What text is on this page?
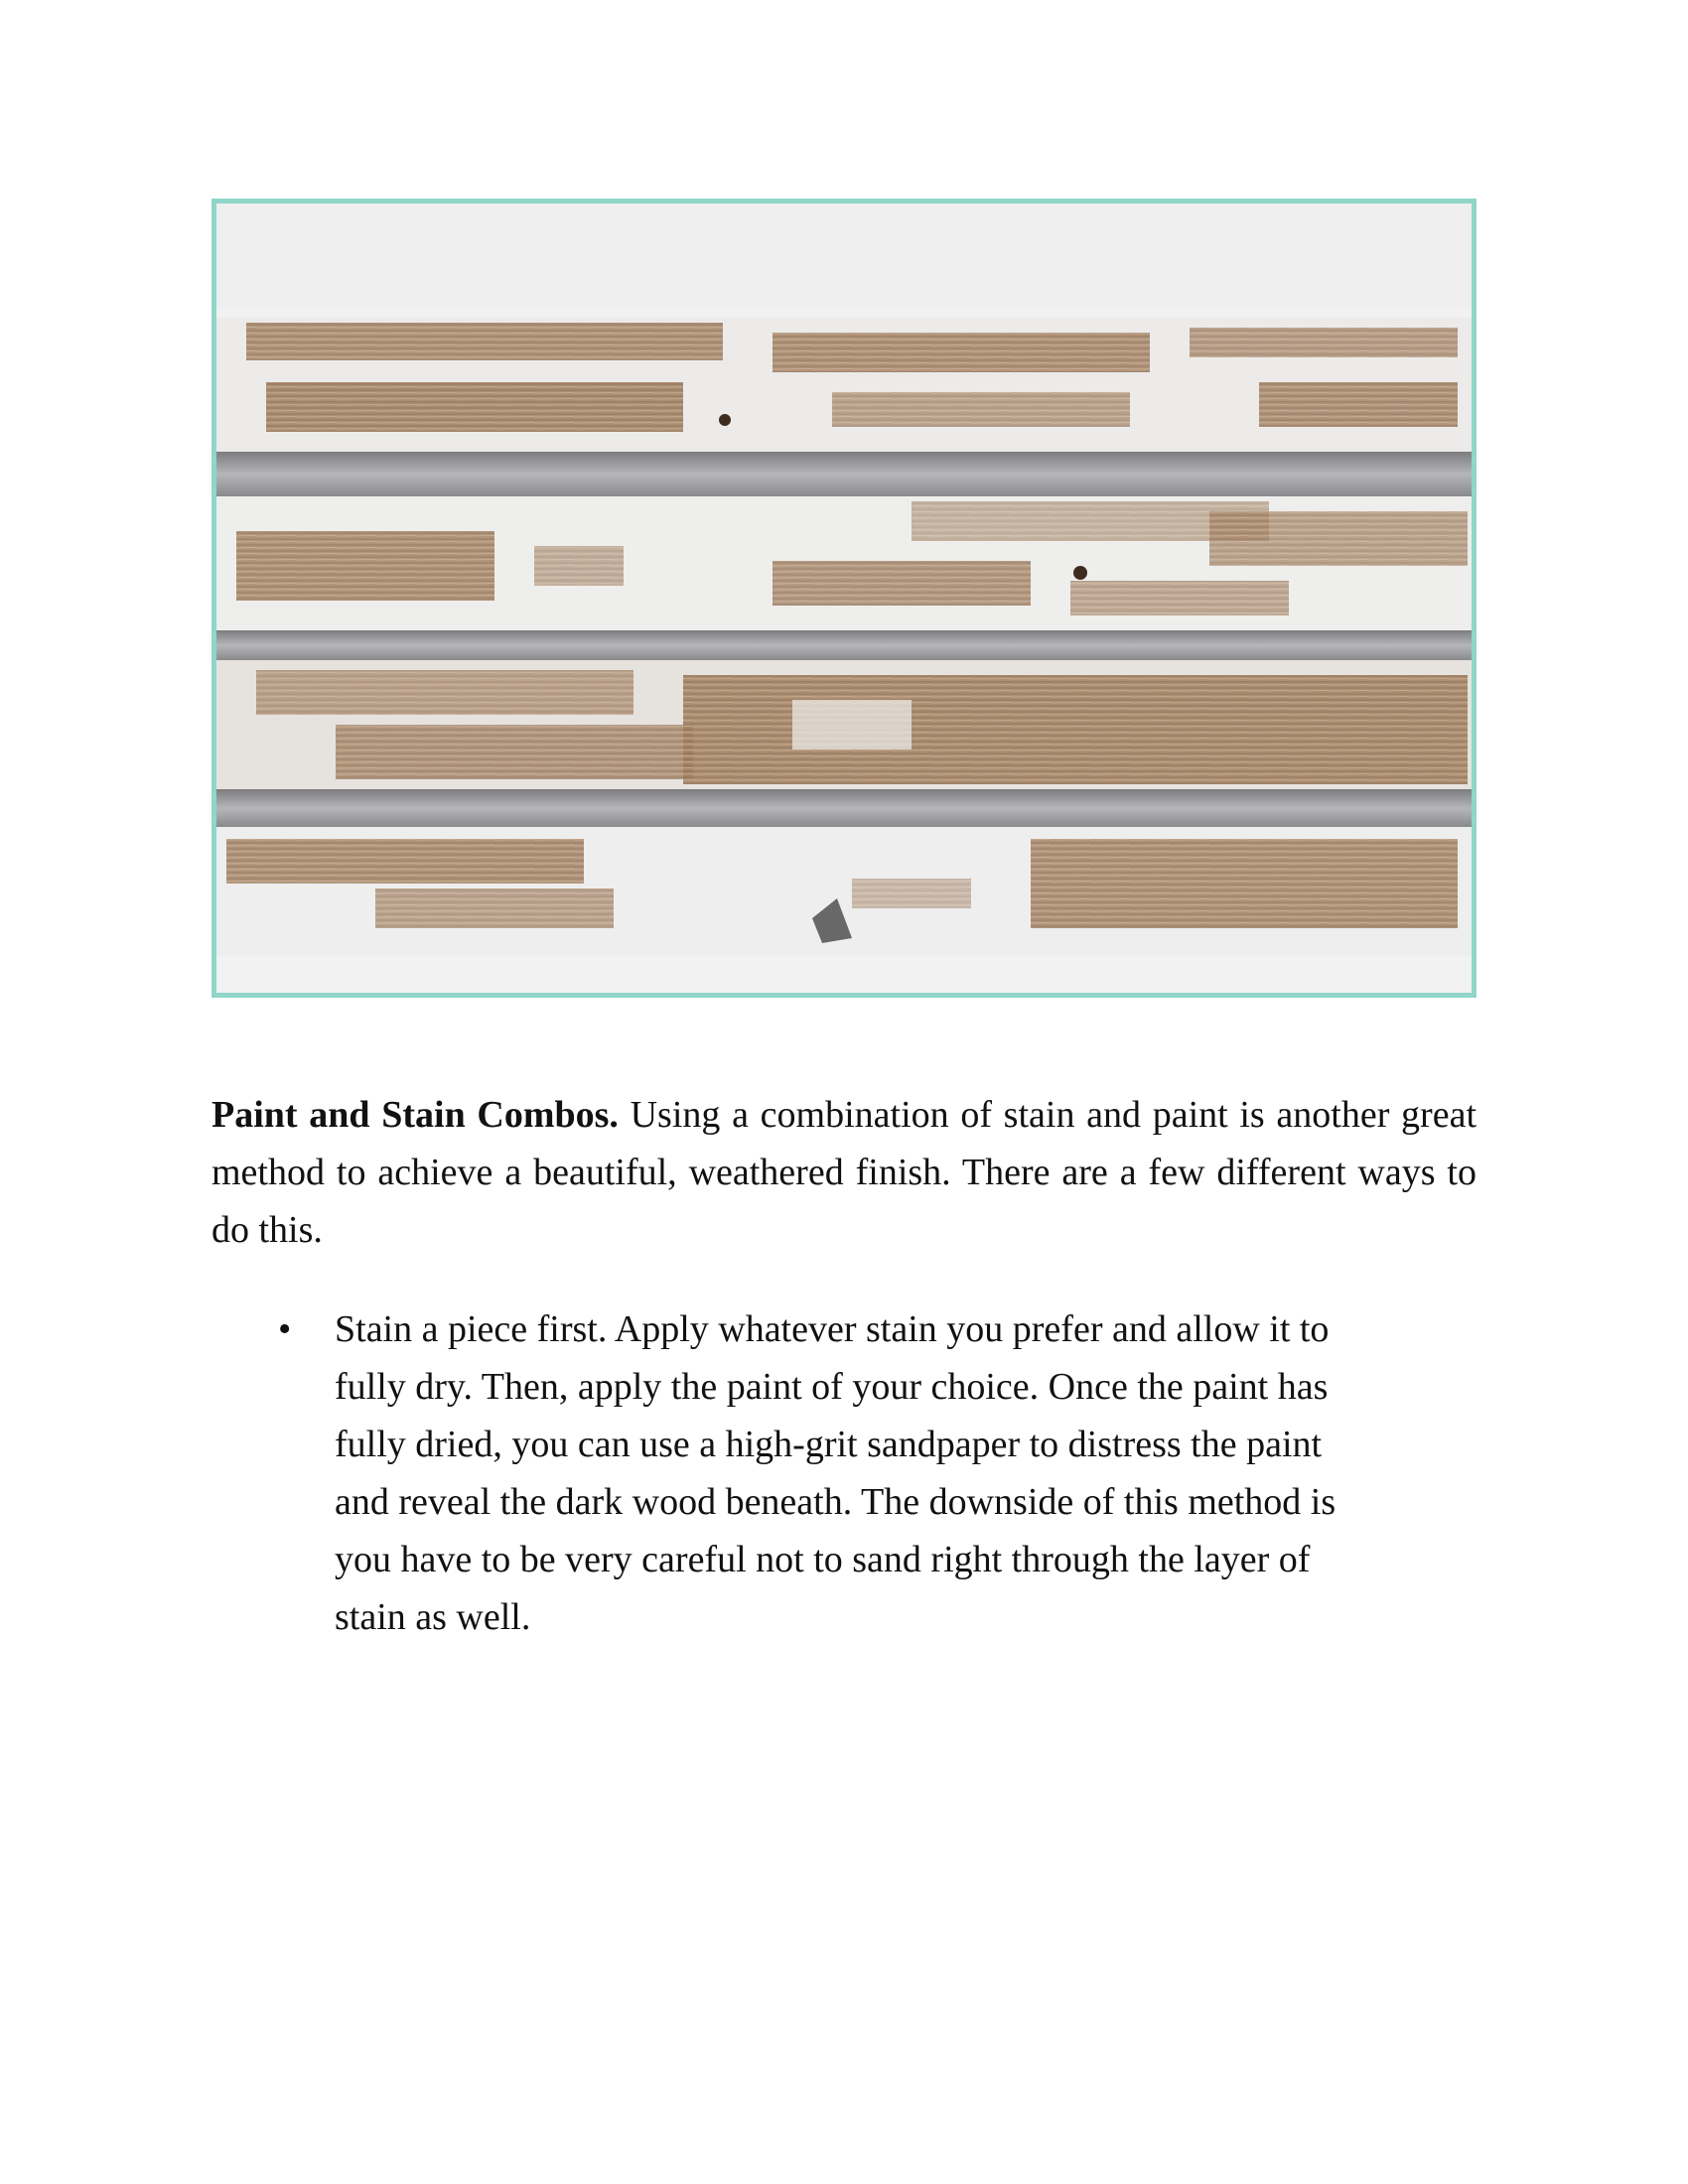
Paint and Stain Combos. Using a combination of stain and paint is another great method to achieve a beautiful, weathered finish. There are a few different ways to do this.

• Stain a piece first. Apply whatever stain you prefer and allow it to fully dry. Then, apply the paint of your choice. Once the paint has fully dried, you can use a high-grit sandpaper to distress the paint and reveal the dark wood beneath. The downside of this method is you have to be very careful not to sand right through the layer of stain as well.
